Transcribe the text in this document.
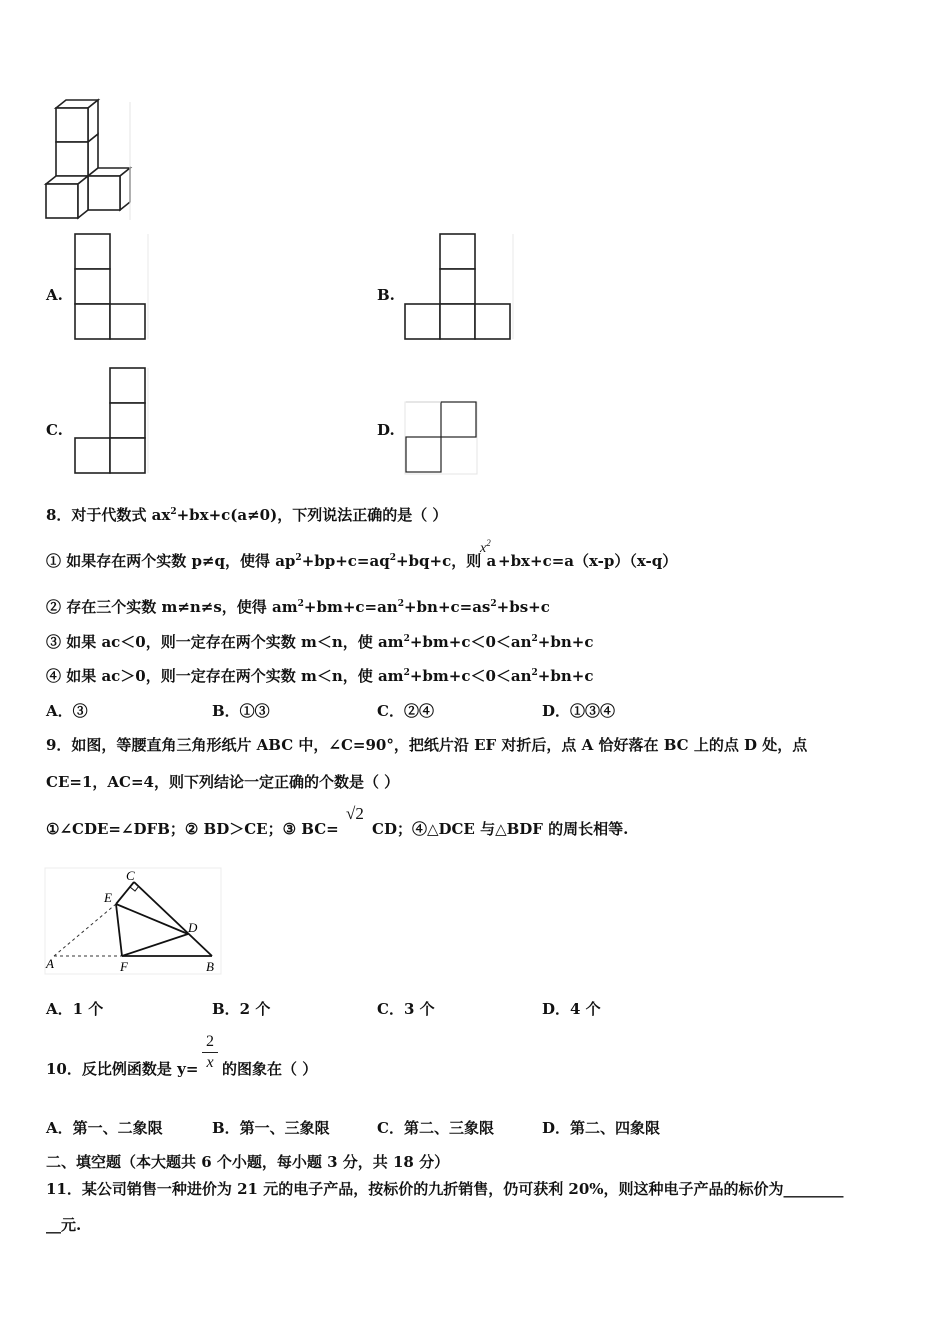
A.	B.
C.	D.
8．对于代数式 $ax^2+bx+c(a\ne 0)$，下列说法正确的是（ ）
① 如果存在两个实数 p≠q，使得 $ap^2+bp+c=aq^2+bq+c$，则 a
$x^2$
+bx+c=a（x-p）（x-q）
② 存在三个实数 m≠n≠s，使得 $am^2+bm+c=an^2+bn+c=as^2+bs+c$
③ 如果 ac＜0，则一定存在两个实数 m＜n，使 $am^2+bm+c<0<an^2+bn+c$
④ 如果 ac＞0，则一定存在两个实数 m＜n，使 $am^2+bm+c<0<an^2+bn+c$
A．③	B．①③	C．②④	D．①③④
9．如图，等腰直角三角形纸片 ABC 中，∠C=90°，把纸片沿 EF 对折后，点 A 恰好落在 BC 上的点 D 处，点
CE=1，AC=4，则下列结论一定正确的个数是（ ）
①∠CDE=∠DFB；② BD＞CE；③ BC=
√2
CD；④△DCE 与△BDF 的周长相等.
C
E
D
A	F	B
A．1 个	B．2 个	C．3 个	D．4 个
10．反比例函数是 y=
2
x 的图象在（ ）
A．第一、二象限	B．第一、三象限	C．第二、三象限	D．第二、四象限
二、填空题（本大题共 6 个小题，每小题 3 分，共 18 分）
11．某公司销售一种进价为 21 元的电子产品，按标价的九折销售，仍可获利 20%，则这种电子产品的标价为________
__元.
